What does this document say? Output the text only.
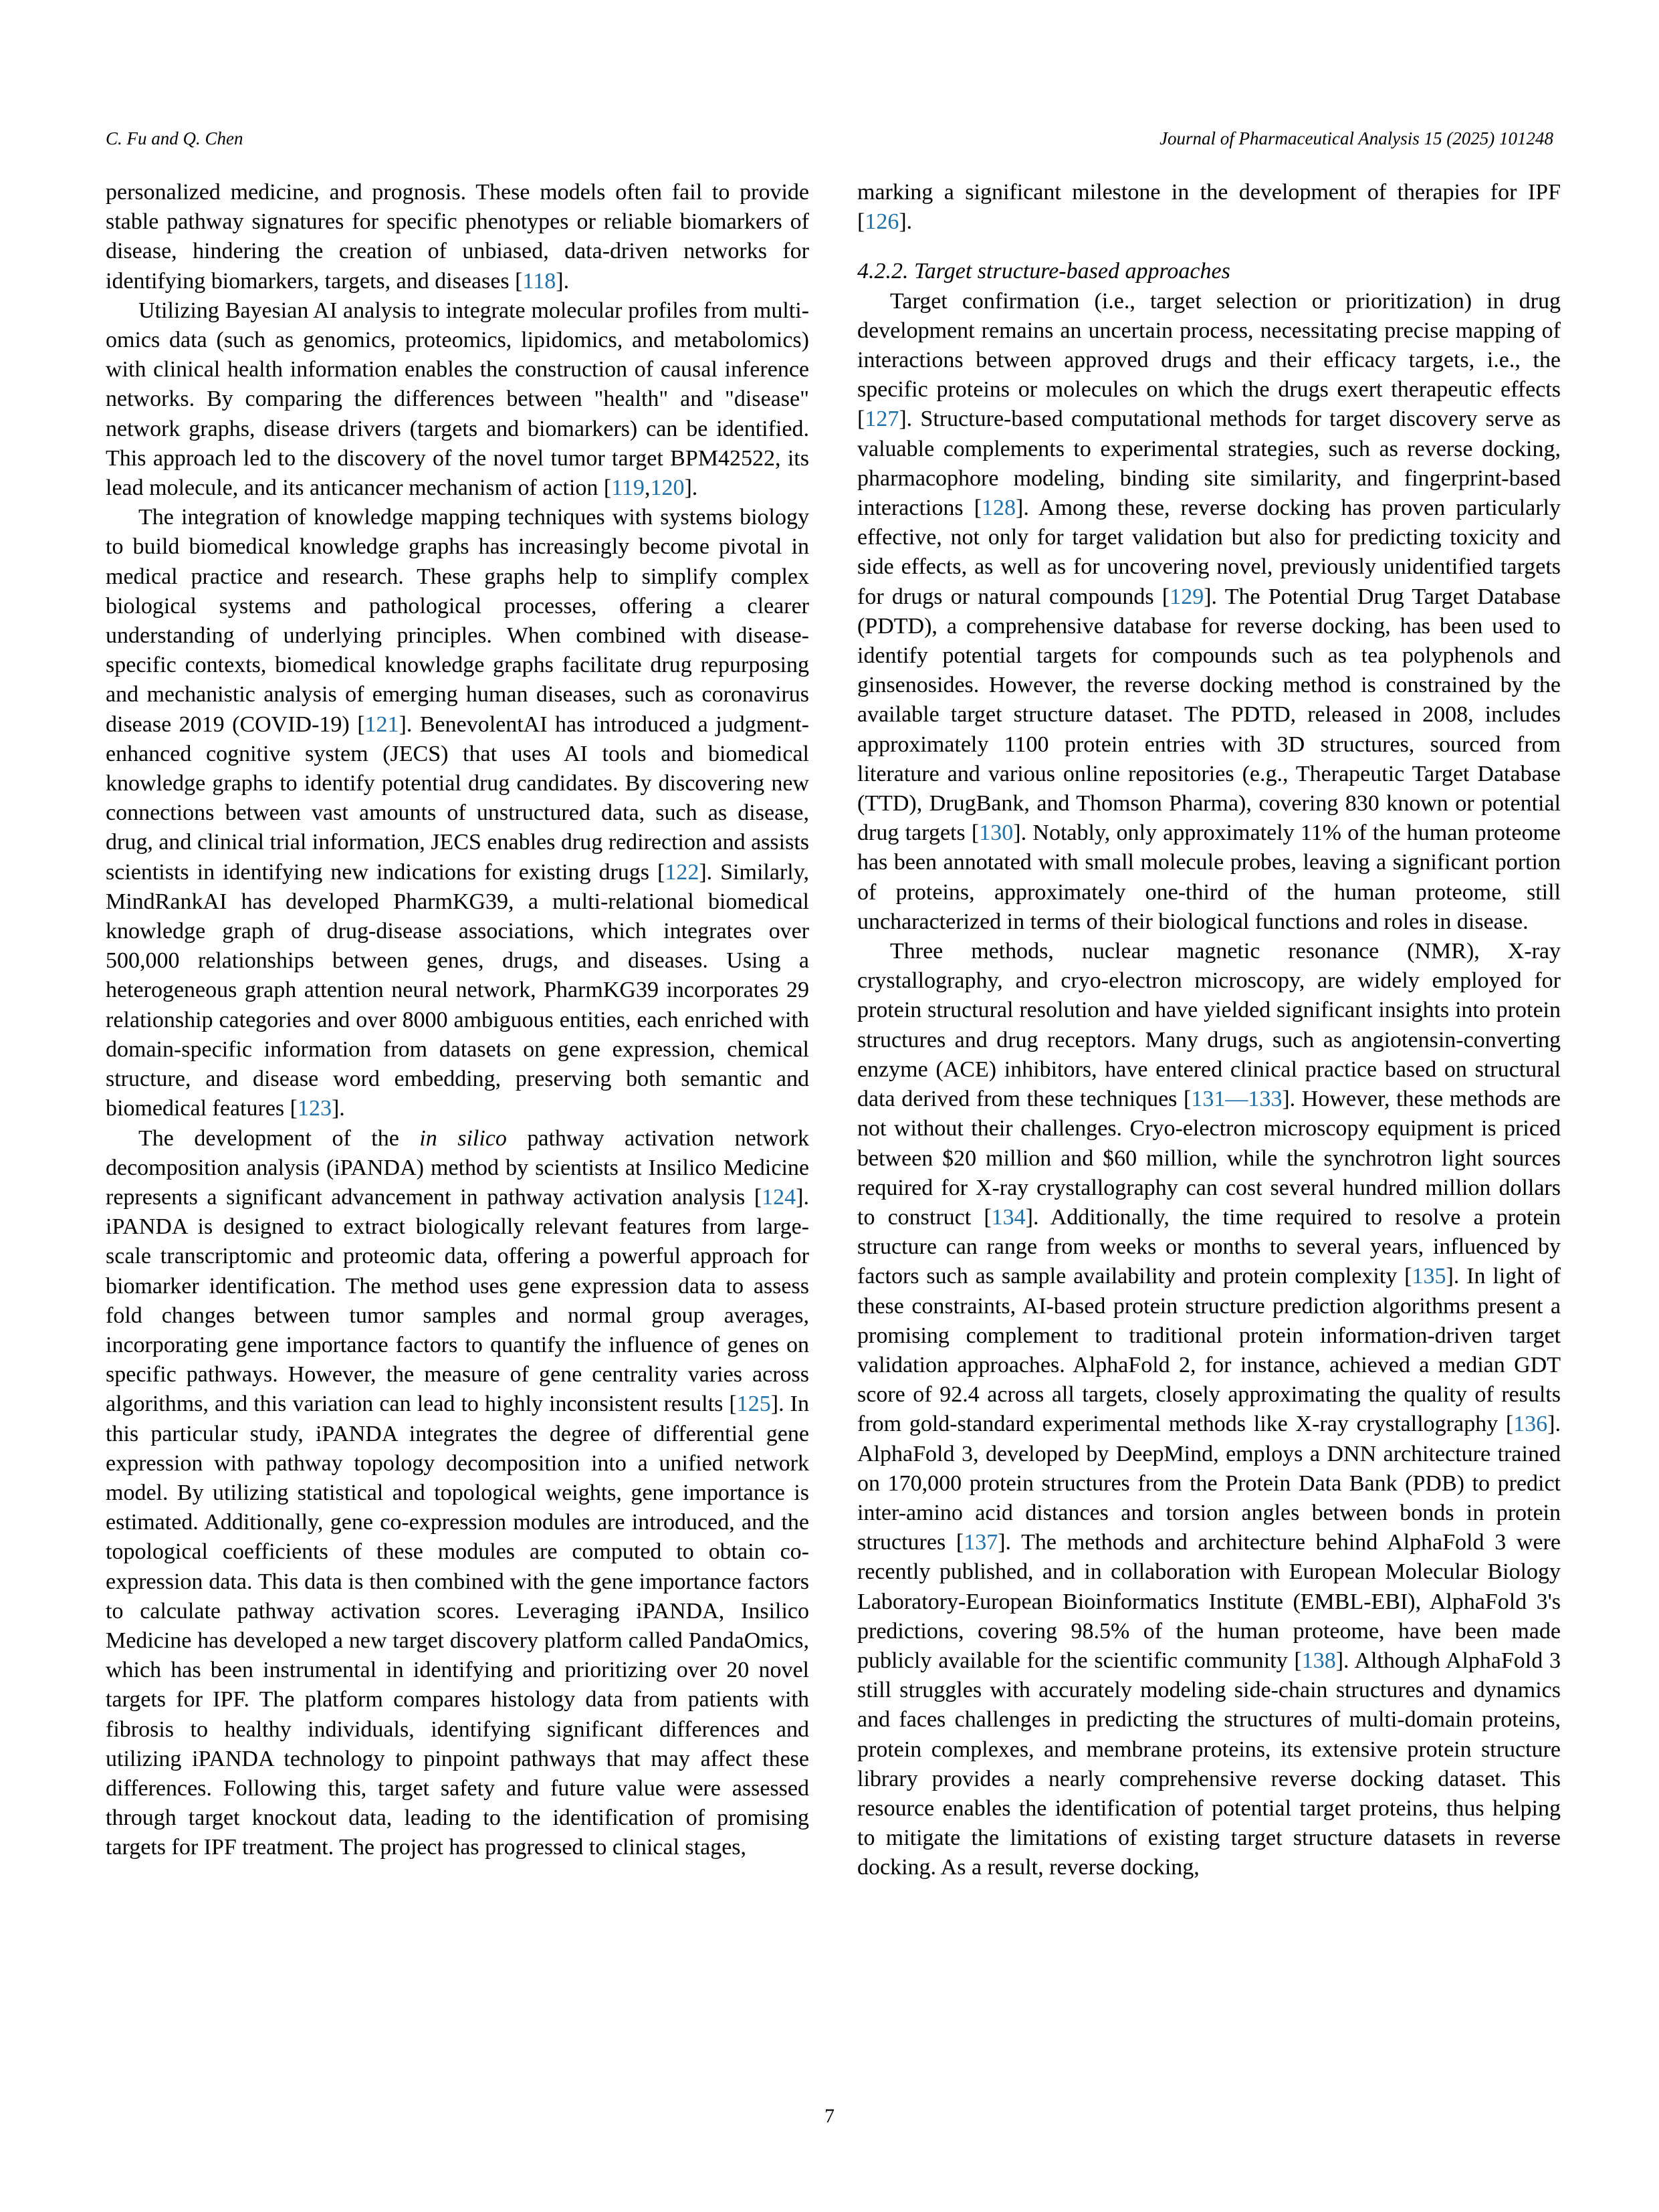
C. Fu and Q. Chen	Journal of Pharmaceutical Analysis 15 (2025) 101248

personalized medicine, and prognosis. These models often fail to provide stable pathway signatures for specific phenotypes or reliable biomarkers of disease, hindering the creation of unbiased, data-driven networks for identifying biomarkers, targets, and diseases [118].

Utilizing Bayesian AI analysis to integrate molecular profiles from multi-omics data (such as genomics, proteomics, lipidomics, and metabolomics) with clinical health information enables the construction of causal inference networks. By comparing the differences between "health" and "disease" network graphs, disease drivers (targets and biomarkers) can be identified. This approach led to the discovery of the novel tumor target BPM42522, its lead molecule, and its anticancer mechanism of action [119,120].

The integration of knowledge mapping techniques with systems biology to build biomedical knowledge graphs has increasingly become pivotal in medical practice and research. These graphs help to simplify complex biological systems and pathological processes, offering a clearer understanding of underlying principles. When combined with disease-specific contexts, biomedical knowledge graphs facilitate drug repurposing and mechanistic analysis of emerging human diseases, such as coronavirus disease 2019 (COVID-19) [121]. BenevolentAI has introduced a judgment-enhanced cognitive system (JECS) that uses AI tools and biomedical knowledge graphs to identify potential drug candidates. By discovering new connections between vast amounts of unstructured data, such as disease, drug, and clinical trial information, JECS enables drug redirection and assists scientists in identifying new indications for existing drugs [122]. Similarly, MindRankAI has developed PharmKG39, a multi-relational biomedical knowledge graph of drug-disease associations, which integrates over 500,000 relationships between genes, drugs, and diseases. Using a heterogeneous graph attention neural network, PharmKG39 incorporates 29 relationship categories and over 8000 ambiguous entities, each enriched with domain-specific information from datasets on gene expression, chemical structure, and disease word embedding, preserving both semantic and biomedical features [123].

The development of the in silico pathway activation network decomposition analysis (iPANDA) method by scientists at Insilico Medicine represents a significant advancement in pathway activation analysis [124]. iPANDA is designed to extract biologically relevant features from large-scale transcriptomic and proteomic data, offering a powerful approach for biomarker identification. The method uses gene expression data to assess fold changes between tumor samples and normal group averages, incorporating gene importance factors to quantify the influence of genes on specific pathways. However, the measure of gene centrality varies across algorithms, and this variation can lead to highly inconsistent results [125]. In this particular study, iPANDA integrates the degree of differential gene expression with pathway topology decomposition into a unified network model. By utilizing statistical and topological weights, gene importance is estimated. Additionally, gene co-expression modules are introduced, and the topological coefficients of these modules are computed to obtain co-expression data. This data is then combined with the gene importance factors to calculate pathway activation scores. Leveraging iPANDA, Insilico Medicine has developed a new target discovery platform called PandaOmics, which has been instrumental in identifying and prioritizing over 20 novel targets for IPF. The platform compares histology data from patients with fibrosis to healthy individuals, identifying significant differences and utilizing iPANDA technology to pinpoint pathways that may affect these differences. Following this, target safety and future value were assessed through target knockout data, leading to the identification of promising targets for IPF treatment. The project has progressed to clinical stages,

marking a significant milestone in the development of therapies for IPF [126].

4.2.2. Target structure-based approaches

Target confirmation (i.e., target selection or prioritization) in drug development remains an uncertain process, necessitating precise mapping of interactions between approved drugs and their efficacy targets, i.e., the specific proteins or molecules on which the drugs exert therapeutic effects [127]. Structure-based computational methods for target discovery serve as valuable complements to experimental strategies, such as reverse docking, pharmacophore modeling, binding site similarity, and fingerprint-based interactions [128]. Among these, reverse docking has proven particularly effective, not only for target validation but also for predicting toxicity and side effects, as well as for uncovering novel, previously unidentified targets for drugs or natural compounds [129]. The Potential Drug Target Database (PDTD), a comprehensive database for reverse docking, has been used to identify potential targets for compounds such as tea polyphenols and ginsenosides. However, the reverse docking method is constrained by the available target structure dataset. The PDTD, released in 2008, includes approximately 1100 protein entries with 3D structures, sourced from literature and various online repositories (e.g., Therapeutic Target Database (TTD), DrugBank, and Thomson Pharma), covering 830 known or potential drug targets [130]. Notably, only approximately 11% of the human proteome has been annotated with small molecule probes, leaving a significant portion of proteins, approximately one-third of the human proteome, still uncharacterized in terms of their biological functions and roles in disease.

Three methods, nuclear magnetic resonance (NMR), X-ray crystallography, and cryo-electron microscopy, are widely employed for protein structural resolution and have yielded significant insights into protein structures and drug receptors. Many drugs, such as angiotensin-converting enzyme (ACE) inhibitors, have entered clinical practice based on structural data derived from these techniques [131—133]. However, these methods are not without their challenges. Cryo-electron microscopy equipment is priced between $20 million and $60 million, while the synchrotron light sources required for X-ray crystallography can cost several hundred million dollars to construct [134]. Additionally, the time required to resolve a protein structure can range from weeks or months to several years, influenced by factors such as sample availability and protein complexity [135]. In light of these constraints, AI-based protein structure prediction algorithms present a promising complement to traditional protein information-driven target validation approaches. AlphaFold 2, for instance, achieved a median GDT score of 92.4 across all targets, closely approximating the quality of results from gold-standard experimental methods like X-ray crystallography [136]. AlphaFold 3, developed by DeepMind, employs a DNN architecture trained on 170,000 protein structures from the Protein Data Bank (PDB) to predict inter-amino acid distances and torsion angles between bonds in protein structures [137]. The methods and architecture behind AlphaFold 3 were recently published, and in collaboration with European Molecular Biology Laboratory-European Bioinformatics Institute (EMBL-EBI), AlphaFold 3's predictions, covering 98.5% of the human proteome, have been made publicly available for the scientific community [138]. Although AlphaFold 3 still struggles with accurately modeling side-chain structures and dynamics and faces challenges in predicting the structures of multi-domain proteins, protein complexes, and membrane proteins, its extensive protein structure library provides a nearly comprehensive reverse docking dataset. This resource enables the identification of potential target proteins, thus helping to mitigate the limitations of existing target structure datasets in reverse docking. As a result, reverse docking,

7
